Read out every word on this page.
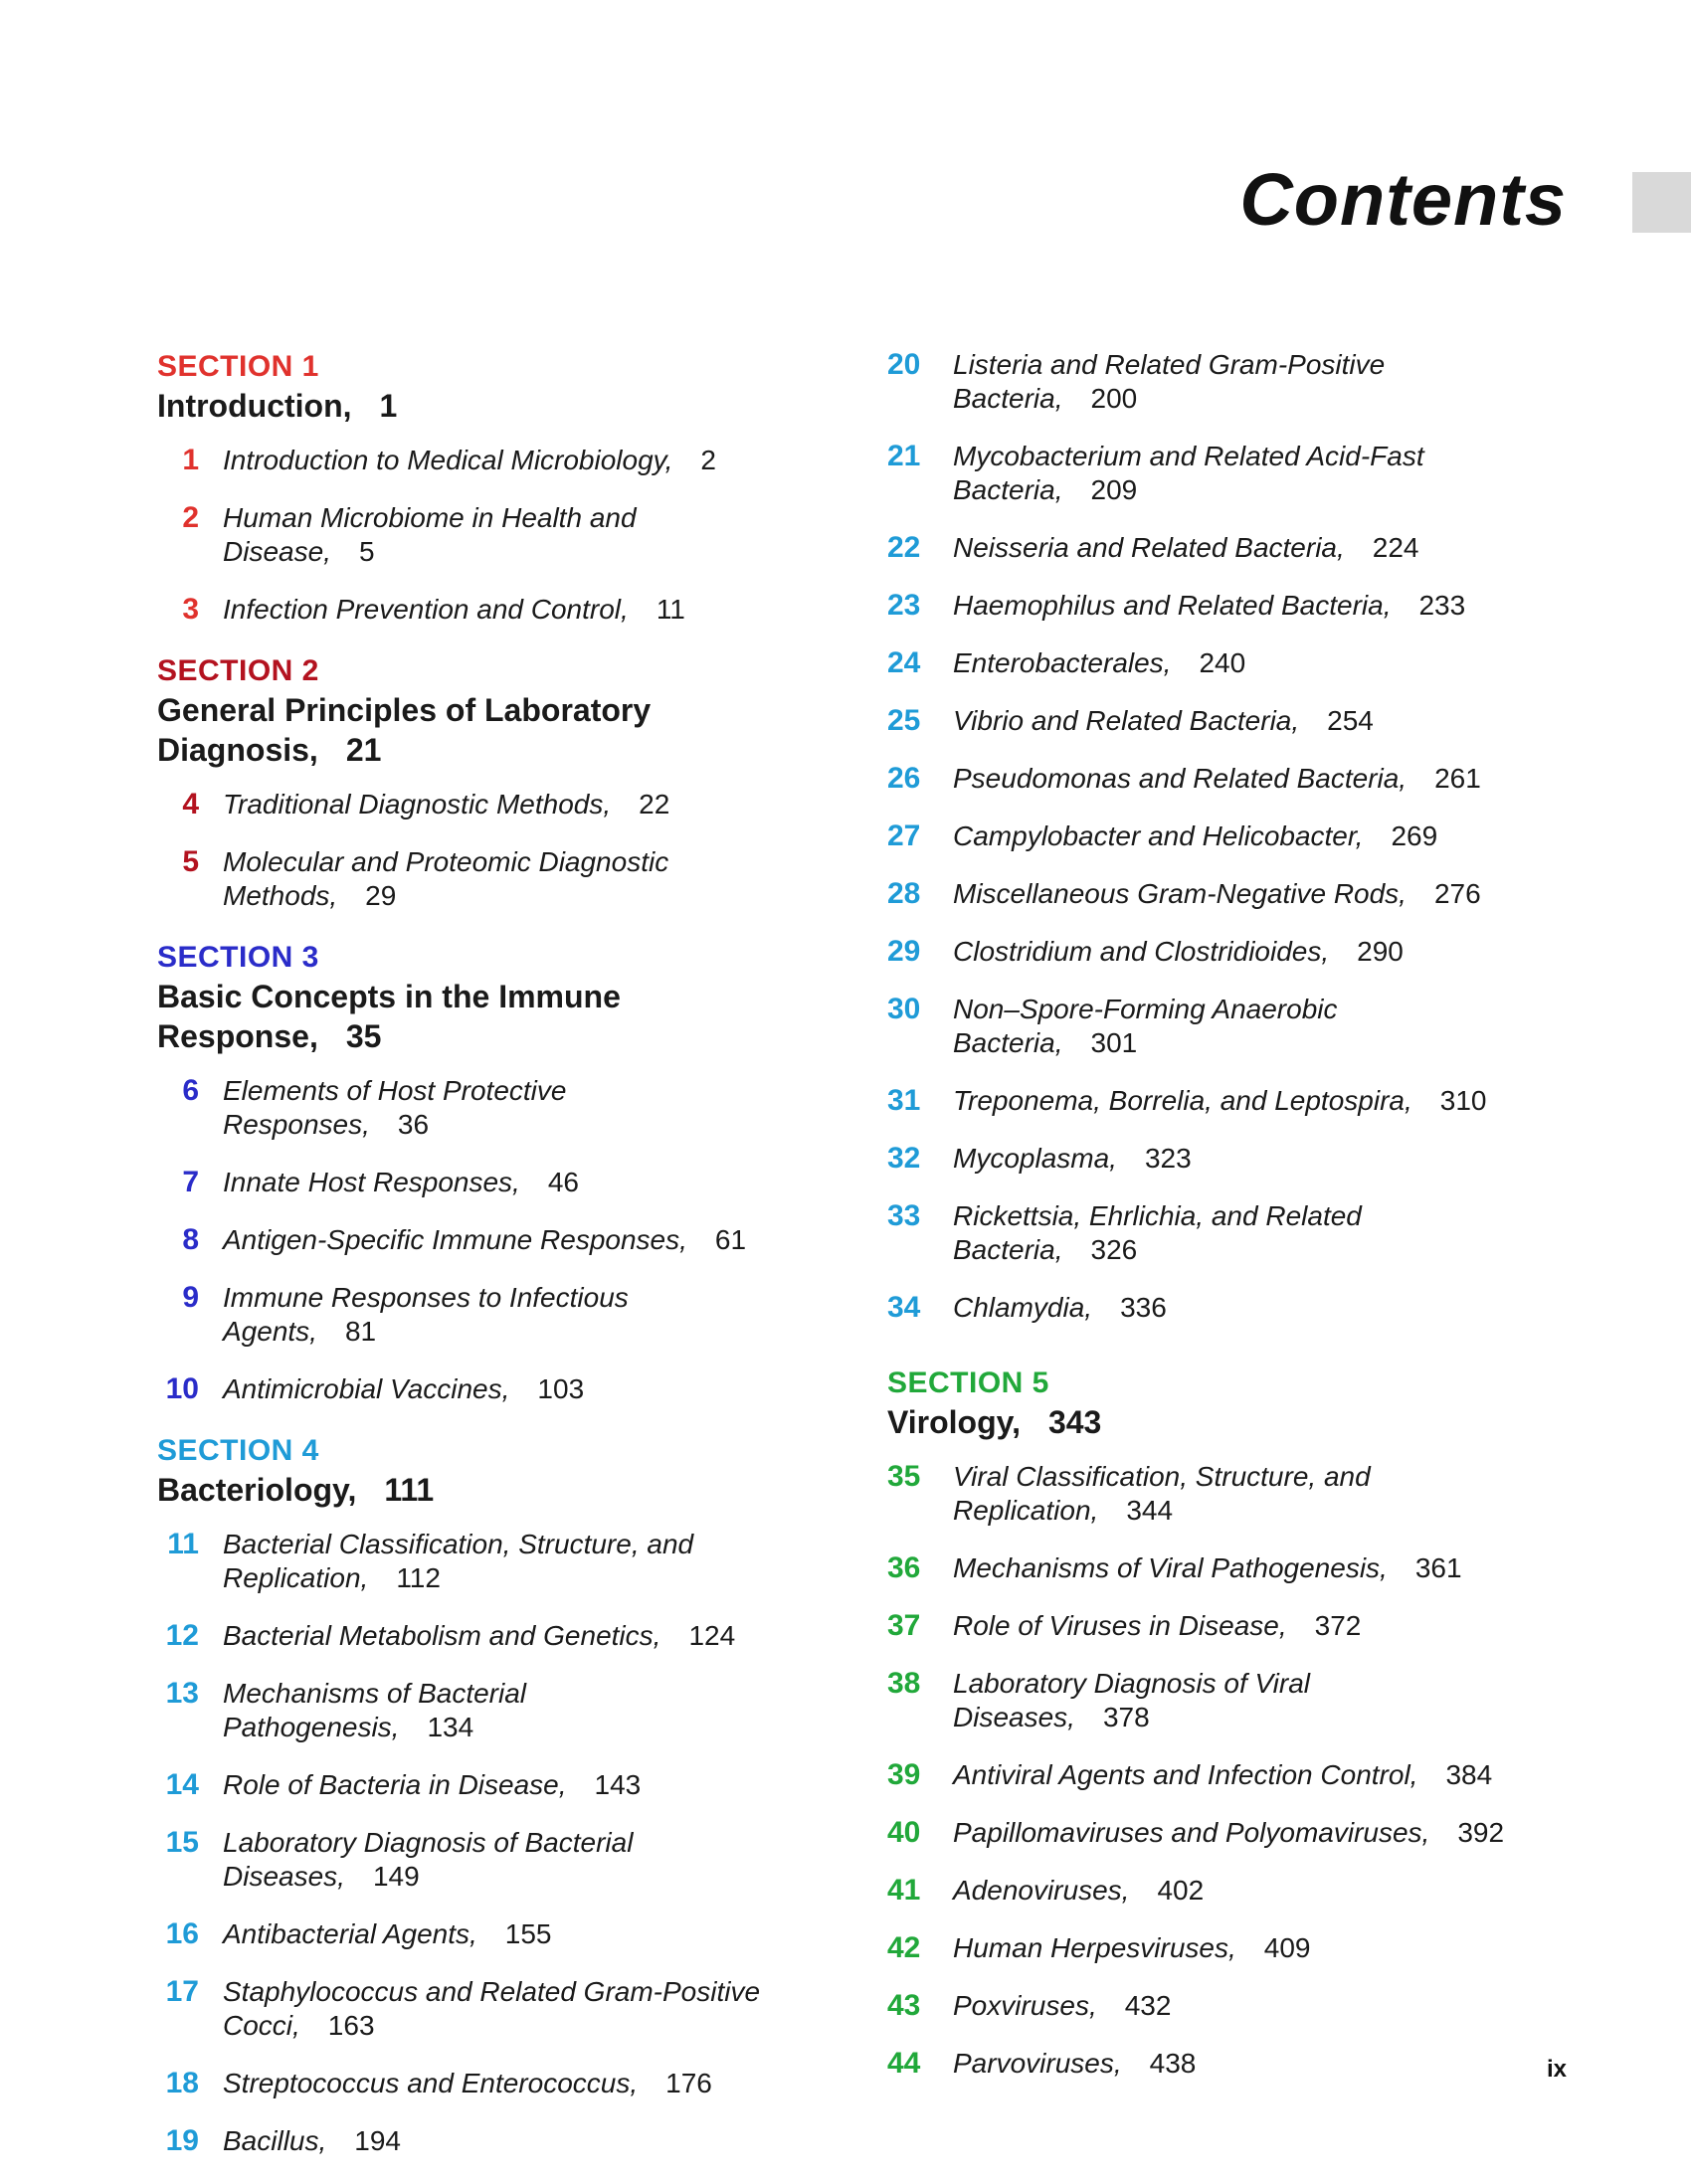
Contents
SECTION 1
Introduction, 1
1 Introduction to Medical Microbiology, 2
2 Human Microbiome in Health and Disease, 5
3 Infection Prevention and Control, 11
SECTION 2
General Principles of Laboratory Diagnosis, 21
4 Traditional Diagnostic Methods, 22
5 Molecular and Proteomic Diagnostic Methods, 29
SECTION 3
Basic Concepts in the Immune Response, 35
6 Elements of Host Protective Responses, 36
7 Innate Host Responses, 46
8 Antigen-Specific Immune Responses, 61
9 Immune Responses to Infectious Agents, 81
10 Antimicrobial Vaccines, 103
SECTION 4
Bacteriology, 111
11 Bacterial Classification, Structure, and Replication, 112
12 Bacterial Metabolism and Genetics, 124
13 Mechanisms of Bacterial Pathogenesis, 134
14 Role of Bacteria in Disease, 143
15 Laboratory Diagnosis of Bacterial Diseases, 149
16 Antibacterial Agents, 155
17 Staphylococcus and Related Gram-Positive Cocci, 163
18 Streptococcus and Enterococcus, 176
19 Bacillus, 194
20	Listeria and Related Gram-Positive Bacteria, 200
21	Mycobacterium and Related Acid-Fast Bacteria, 209
22	Neisseria and Related Bacteria, 224
23	Haemophilus and Related Bacteria, 233
24	Enterobacterales, 240
25	Vibrio and Related Bacteria, 254
26	Pseudomonas and Related Bacteria, 261
27	Campylobacter and Helicobacter, 269
28	Miscellaneous Gram-Negative Rods, 276
29	Clostridium and Clostridioides, 290
30	Non–Spore-Forming Anaerobic Bacteria, 301
31	Treponema, Borrelia, and Leptospira, 310
32	Mycoplasma, 323
33	Rickettsia, Ehrlichia, and Related Bacteria, 326
34	Chlamydia, 336
SECTION 5
Virology, 343
35	Viral Classification, Structure, and Replication, 344
36	Mechanisms of Viral Pathogenesis, 361
37	Role of Viruses in Disease, 372
38	Laboratory Diagnosis of Viral Diseases, 378
39	Antiviral Agents and Infection Control, 384
40	Papillomaviruses and Polyomaviruses, 392
41	Adenoviruses, 402
42	Human Herpesviruses, 409
43	Poxviruses, 432
44	Parvoviruses, 438	ix
